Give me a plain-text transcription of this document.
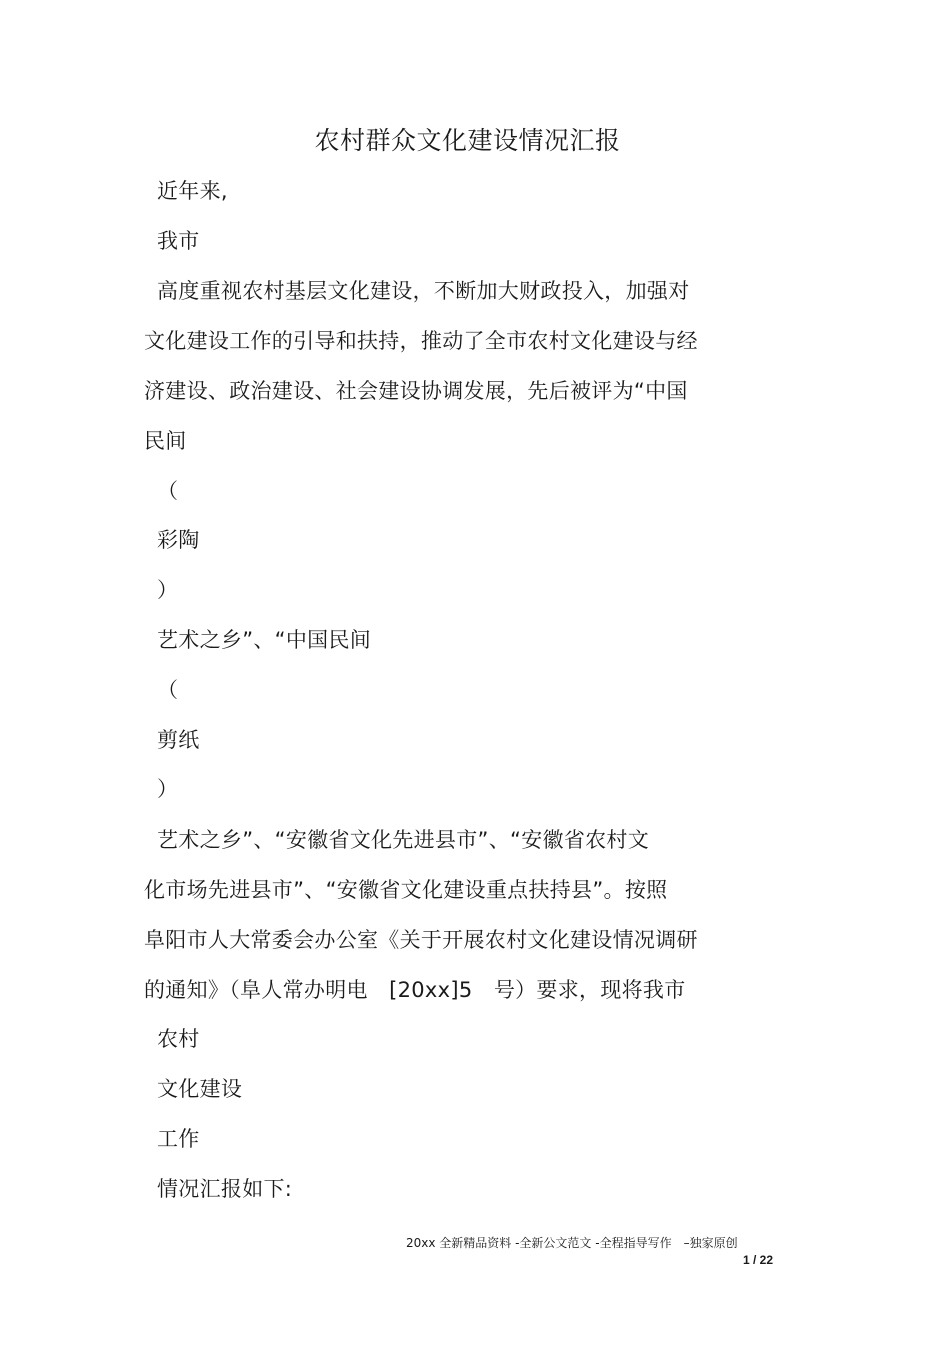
农村群众文化建设情况汇报
近年来,
我市
高度重视农村基层文化建设，不断加大财政投入，加强对
文化建设工作的引导和扶持，推动了全市农村文化建设与经
济建设、政治建设、社会建设协调发展，先后被评为“中国
民间
（
彩陶
）
艺术之乡”、“中国民间
（
剪纸
）
艺术之乡”、“安徽省文化先进县市”、“安徽省农村文
化市场先进县市”、“安徽省文化建设重点扶持县”。按照
阜阳市人大常委会办公室《关于开展农村文化建设情况调研
的通知》（阜人常办明电　[20xx]5　号）要求，现将我市
农村
文化建设
工作
情况汇报如下:
20xx 全新精品资料 -全新公文范文 -全程指导写作　–独家原创
1 / 22
